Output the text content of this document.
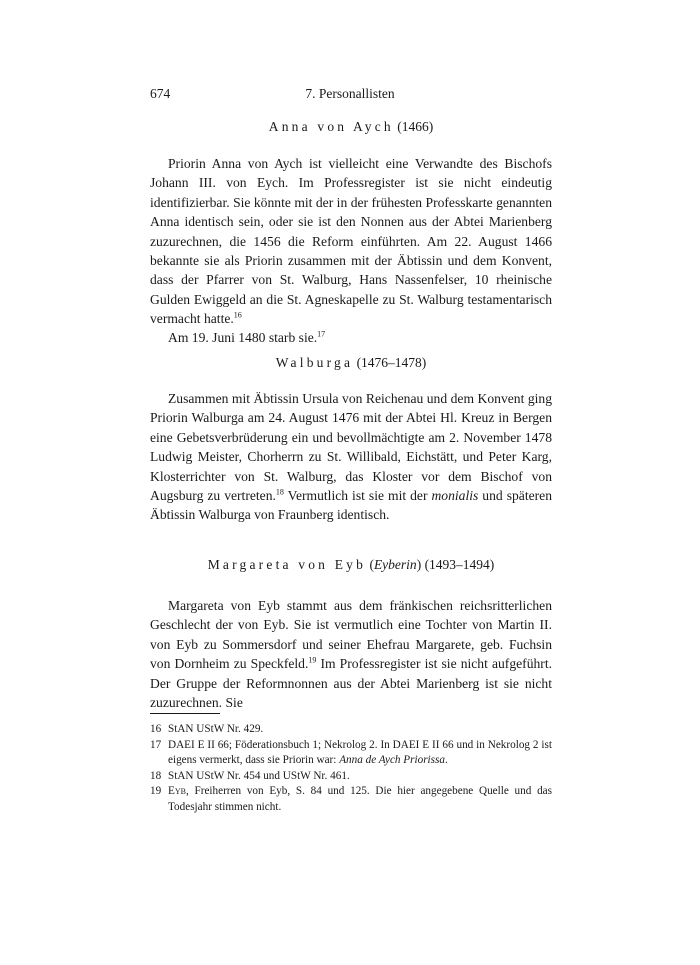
674	7. Personallisten
Anna von Aych (1466)

Priorin Anna von Aych ist vielleicht eine Verwandte des Bischofs Johann III. von Eych. Im Professregister ist sie nicht eindeutig identifizierbar. Sie könnte mit der in der frühesten Professkarte genannten Anna identisch sein, oder sie ist den Nonnen aus der Abtei Marienberg zuzurechnen, die 1456 die Reform einführten. Am 22. August 1466 bekannte sie als Priorin zusammen mit der Äbtissin und dem Konvent, dass der Pfarrer von St. Walburg, Hans Nassenfelser, 10 rheinische Gulden Ewiggeld an die St. Agneskapelle zu St. Walburg testamentarisch vermacht hatte.$^{16}$

Am 19. Juni 1480 starb sie.$^{17}$

Walburga (1476–1478)

Zusammen mit Äbtissin Ursula von Reichenau und dem Konvent ging Priorin Walburga am 24. August 1476 mit der Abtei Hl. Kreuz in Bergen eine Gebetsverbrüderung ein und bevollmächtigte am 2. November 1478 Ludwig Meister, Chorherrn zu St. Willibald, Eichstätt, und Peter Karg, Klosterrichter von St. Walburg, das Kloster vor dem Bischof von Augsburg zu vertreten.$^{18}$ Vermutlich ist sie mit der monialis und späteren Äbtissin Walburga von Fraunberg identisch.

Margareta von Eyb (Eyberin) (1493–1494)

Margareta von Eyb stammt aus dem fränkischen reichsritterlichen Geschlecht der von Eyb. Sie ist vermutlich eine Tochter von Martin II. von Eyb zu Sommersdorf und seiner Ehefrau Margarete, geb. Fuchsin von Dornheim zu Speckfeld.$^{19}$ Im Professregister ist sie nicht aufgeführt. Der Gruppe der Reformnonnen aus der Abtei Marienberg ist sie nicht zuzurechnen. Sie

16 StAN UStW Nr. 429.
17 DAEI E II 66; Föderationsbuch 1; Nekrolog 2. In DAEI E II 66 und in Nekrolog 2 ist eigens vermerkt, dass sie Priorin war: Anna de Aych Priorissa.
18 StAN UStW Nr. 454 und UStW Nr. 461.
19 Eyb, Freiherren von Eyb, S. 84 und 125. Die hier angegebene Quelle und das Todesjahr stimmen nicht.
